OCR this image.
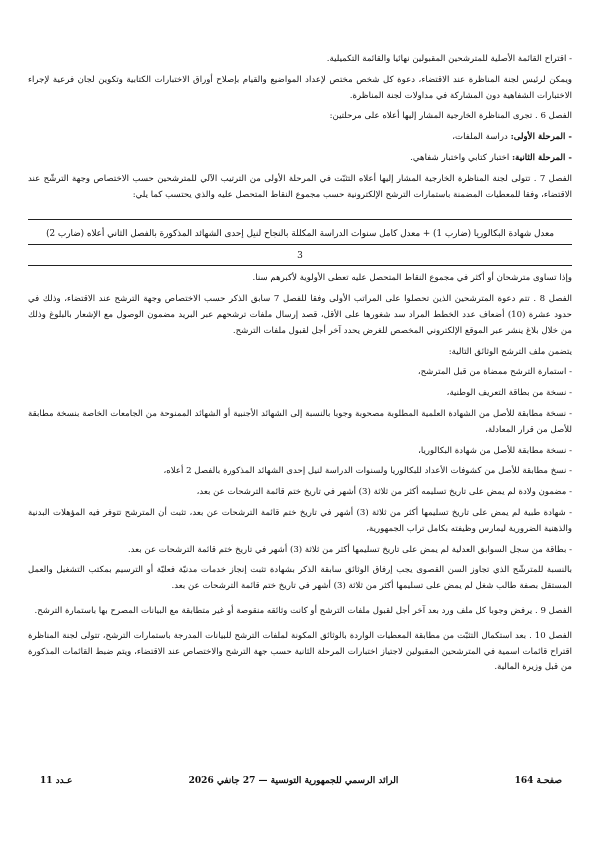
- اقتراح القائمة الأصلية للمترشحين المقبولين نهائيا والقائمة التكميلية.

ويمكن لرئيس لجنة المناظرة عند الاقتضاء، دعوة كل شخص مختص لإعداد المواضيع والقيام بإصلاح أوراق الاختبارات الكتابية وتكوين لجان فرعية لإجراء الاختبارات الشفاهية دون المشاركة في مداولات لجنة المناظرة.

الفصل 6 . تجرى المناظرة الخارجية المشار إليها أعلاه على مرحلتين:

- المرحلة الأولى: دراسة الملفات،

- المرحلة الثانية: اختبار كتابي واختبار شفاهي.

الفصل 7 . تتولى لجنة المناظرة الخارجية المشار إليها أعلاه التثبّت في المرحلة الأولى من الترتيب الآلي للمترشحين حسب الاختصاص وجهة الترشّح عند الاقتضاء، وفقا للمعطيات المضمنة باستمارات الترشح الإلكترونية حسب مجموع النقاط المتحصل عليه والذي يحتسب كما يلي:

معدل شهادة البكالوريا (ضارب 1) + معدل كامل سنوات الدراسة المكللة بالنجاح لنيل إحدى الشهائد المذكورة بالفصل الثاني أعلاه (ضارب 2)

3

وإذا تساوى مترشحان أو أكثر في مجموع النقاط المتحصل عليه تعطى الأولوية لأكبرهم سنا.

الفصل 8 . تتم دعوة المترشحين الذين تحصلوا على المراتب الأولى وفقا للفصل 7 سابق الذكر حسب الاختصاص وجهة الترشح عند الاقتضاء، وذلك في حدود عشرة (10) أضعاف عدد الخطط المراد سد شغورها على الأقل، قصد إرسال ملفات ترشحهم عبر البريد مضمون الوصول مع الإشعار بالبلوغ وذلك من خلال بلاغ ينشر عبر الموقع الإلكتروني المخصص للغرض يحدد آخر أجل لقبول ملفات الترشح.

يتضمن ملف الترشح الوثائق التالية:

- استمارة الترشح ممضاة من قبل المترشح،

- نسخة من بطاقة التعريف الوطنية،

- نسخة مطابقة للأصل من الشهادة العلمية المطلوبة مصحوبة وجوبا بالنسبة إلى الشهائد الأجنبية أو الشهائد الممنوحة من الجامعات الخاصة بنسخة مطابقة للأصل من قرار المعادلة،

- نسخة مطابقة للأصل من شهادة البكالوريا،

- نسخ مطابقة للأصل من كشوفات الأعداد للبكالوريا ولسنوات الدراسة لنيل إحدى الشهائد المذكورة بالفصل 2 أعلاه،

- مضمون ولادة لم يمض على تاريخ تسليمه أكثر من ثلاثة (3) أشهر في تاريخ ختم قائمة الترشحات عن بعد،

- شهادة طبية لم يمض على تاريخ تسليمها أكثر من ثلاثة (3) أشهر في تاريخ ختم قائمة الترشحات عن بعد، تثبت أن المترشح تتوفر فيه المؤهلات البدنية والذهنية الضرورية ليمارس وظيفته بكامل تراب الجمهورية،

- بطاقة من سجل السوابق العدلية لم يمض على تاريخ تسليمها أكثر من ثلاثة (3) أشهر في تاريخ ختم قائمة الترشحات عن بعد.

بالنسبة للمترشّح الذي تجاوز السن القصوى يجب إرفاق الوثائق سابقة الذكر بشهادة تثبت إنجاز خدمات مدنيّة فعليّة أو الترسيم بمكتب التشغيل والعمل المستقل بصفة طالب شغل لم يمض على تسليمها أكثر من ثلاثة (3) أشهر في تاريخ ختم قائمة الترشحات عن بعد.

الفصل 9 . يرفض وجوبا كل ملف ورد بعد آخر أجل لقبول ملفات الترشح أو كانت وثائقه منقوصة أو غير متطابقة مع البيانات المصرح بها باستمارة الترشح.

الفصل 10 . بعد استكمال التثبّت من مطابقة المعطيات الواردة بالوثائق المكونة لملفات الترشح للبيانات المدرجة باستمارات الترشح، تتولى لجنة المناظرة اقتراح قائمات اسمية في المترشحين المقبولين لاجتياز اختبارات المرحلة الثانية حسب جهة الترشح والاختصاص عند الاقتضاء، ويتم ضبط القائمات المذكورة من قبل وزيرة المالية.

صفحـة 164
الرائد الرسمي للجمهورية التونسية — 27 جانفي 2026
عـدد 11
